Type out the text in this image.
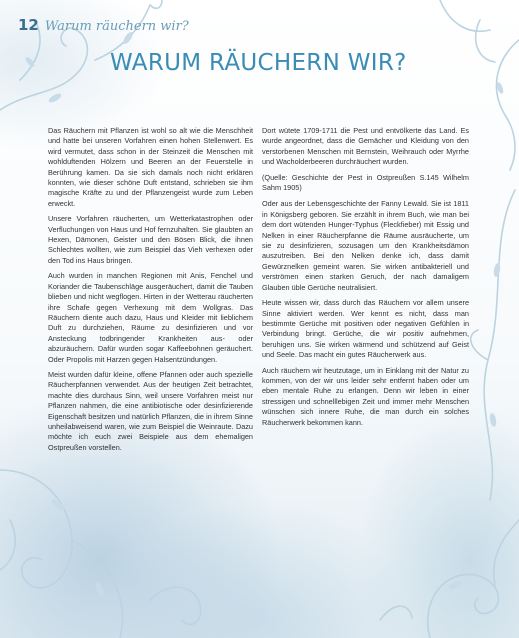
12 Warum räuchern wir?
WARUM RÄUCHERN WIR?

Das Räuchern mit Pflanzen ist wohl so alt wie die Menschheit und hatte bei unseren Vorfahren einen hohen Stellenwert. Es wird vermutet, dass schon in der Steinzeit die Menschen mit wohlduftenden Hölzern und Beeren an der Feuerstelle in Berührung kamen. Da sie sich damals noch nicht erklären konnten, wie dieser schöne Duft entstand, schrieben sie ihm magische Kräfte zu und der Pflanzengeist wurde zum Leben erweckt.

Unsere Vorfahren räucherten, um Wetterkatastrophen oder Verfluchungen von Haus und Hof fernzuhalten. Sie glaubten an Hexen, Dämonen, Geister und den Bösen Blick, die ihnen Schlechtes wollten, wie zum Beispiel das Vieh verhexen oder den Tod ins Haus bringen.

Auch wurden in manchen Regionen mit Anis, Fenchel und Koriander die Taubenschläge ausgeräuchert, damit die Tauben blieben und nicht wegflogen. Hirten in der Wetterau räucherten ihre Schafe gegen Verhexung mit dem Wollgras. Das Räuchern diente auch dazu, Haus und Kleider mit lieblichem Duft zu durchziehen, Räume zu desinfizieren und vor Ansteckung todbringender Krankheiten aus- oder abzuräuchern. Dafür wurden sogar Kaffeebohnen geräuchert. Oder Propolis mit Harzen gegen Halsentzündungen.

Meist wurden dafür kleine, offene Pfannen oder auch spezielle Räucherpfannen verwendet. Aus der heutigen Zeit betrachtet, machte dies durchaus Sinn, weil unsere Vorfahren meist nur Pflanzen nahmen, die eine antibiotische oder desinfizierende Eigenschaft besitzen und natürlich Pflanzen, die in ihrem Sinne unheilabweisend waren, wie zum Beispiel die Weinraute. Dazu möchte ich euch zwei Beispiele aus dem ehemaligen Ostpreußen vorstellen.

Dort wütete 1709-1711 die Pest und entvölkerte das Land. Es wurde angeordnet, dass die Gemächer und Kleidung von den verstorbenen Menschen mit Bernstein, Weihrauch oder Myrrhe und Wacholderbeeren durchräuchert wurden.

(Quelle: Geschichte der Pest in Ostpreußen S.145 Wilhelm Sahm 1905)

Oder aus der Lebensgeschichte der Fanny Lewald. Sie ist 1811 in Königsberg geboren. Sie erzählt in ihrem Buch, wie man bei dem dort wütenden Hunger-Typhus (Fleckfieber) mit Essig und Nelken in einer Räucherpfanne die Räume ausräucherte, um sie zu desinfizieren, sozusagen um den Krankheitsdämon auszutreiben. Bei den Nelken denke ich, dass damit Gewürznelken gemeint waren. Sie wirken antibakteriell und verströmen einen starken Geruch, der nach damaligem Glauben üble Gerüche neutralisiert.

Heute wissen wir, dass durch das Räuchern vor allem unsere Sinne aktiviert werden. Wer kennt es nicht, dass man bestimmte Gerüche mit positiven oder negativen Gefühlen in Verbindung bringt. Gerüche, die wir positiv aufnehmen, beruhigen uns. Sie wirken wärmend und schützend auf Geist und Seele. Das macht ein gutes Räucherwerk aus.

Auch räuchern wir heutzutage, um in Einklang mit der Natur zu kommen, von der wir uns leider sehr entfernt haben oder um eben mentale Ruhe zu erlangen. Denn wir leben in einer stressigen und schnelllebigen Zeit und immer mehr Menschen wünschen sich innere Ruhe, die man durch ein solches Räucherwerk bekommen kann.
